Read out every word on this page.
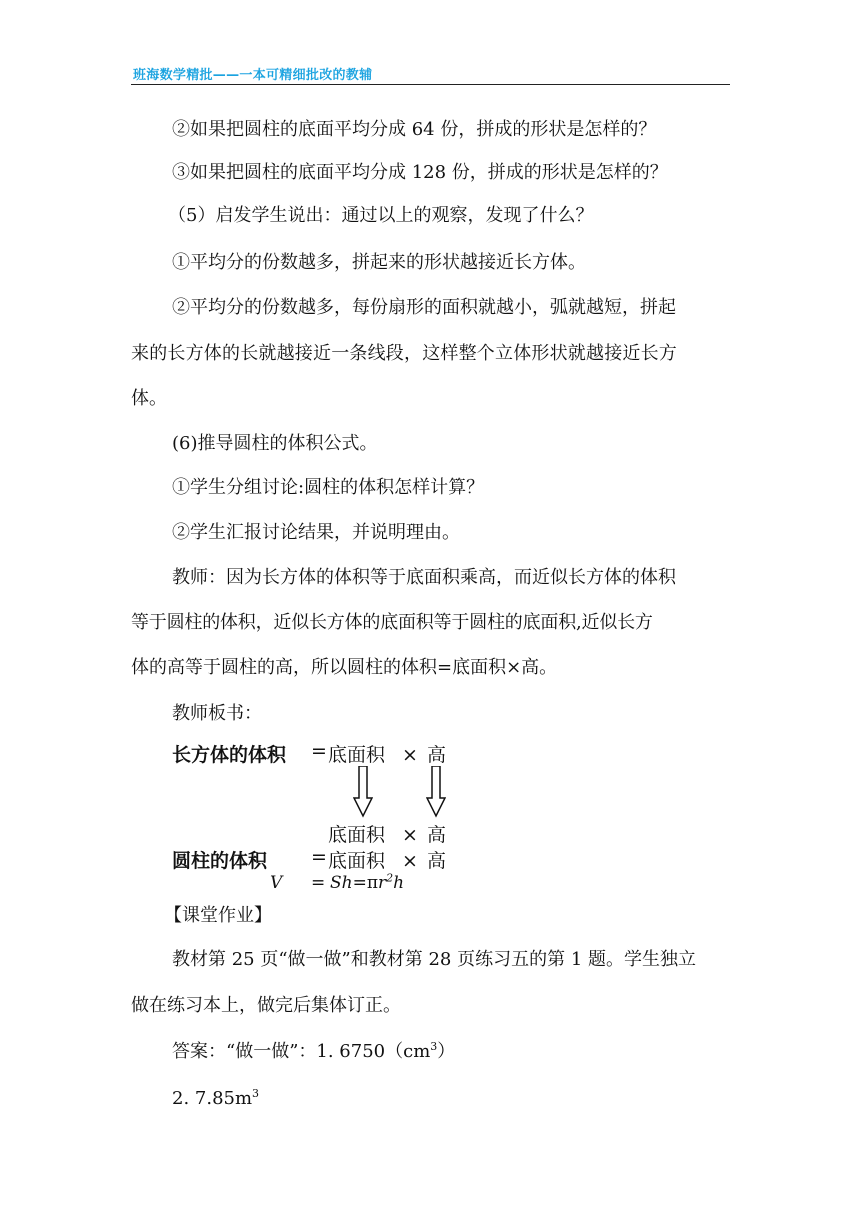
班海数学精批——一本可精细批改的教辅
②如果把圆柱的底面平均分成 64 份，拼成的形状是怎样的？
③如果把圆柱的底面平均分成 128 份，拼成的形状是怎样的？
（5）启发学生说出：通过以上的观察，发现了什么？
①平均分的份数越多，拼起来的形状越接近长方体。
②平均分的份数越多，每份扇形的面积就越小，弧就越短，拼起
来的长方体的长就越接近一条线段，这样整个立体形状就越接近长方
体。
(6)推导圆柱的体积公式。
①学生分组讨论:圆柱的体积怎样计算？
②学生汇报讨论结果，并说明理由。
教师：因为长方体的体积等于底面积乘高，而近似长方体的体积
等于圆柱的体积，近似长方体的底面积等于圆柱的底面积,近似长方
体的高等于圆柱的高，所以圆柱的体积=底面积×高。
教师板书：
长方体的体积 = 底面积 × 高
底面积 × 高
圆柱的体积 = 底面积 × 高
$V = Sh=\pi r^2h$
【课堂作业】
教材第 25 页“做一做”和教材第 28 页练习五的第 1 题。学生独立
做在练习本上，做完后集体订正。
答案：“做一做”：1. $6750(cm^3)$
2. $7.85m^3$
